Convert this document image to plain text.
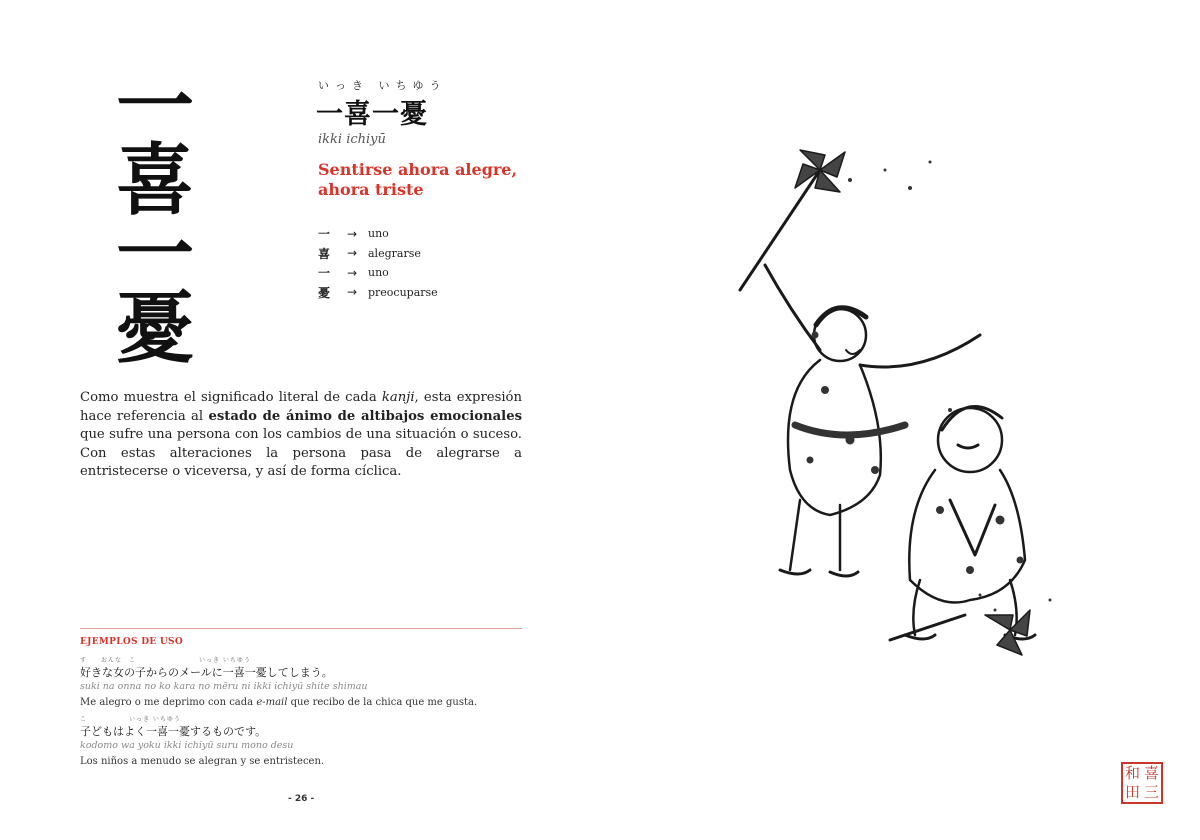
一
喜
一
憂
いっき いちゆう
一喜一憂
ikki ichiyū
Sentirse ahora alegre,
ahora triste
一	→ uno
喜	→ alegrarse
一	→ uno
憂	→ preocuparse

Como muestra el significado literal de cada kanji, esta expresión hace referencia al estado de ánimo de altibajos emocionales que sufre una persona con los cambios de una situación o suceso. Con estas alteraciones la persona pasa de alegrarse a entristecerse o viceversa, y así de forma cíclica.

EJEMPLOS DE USO
す　　おんな　こ　　　　　　　　　いっき いちゆう
好きな女の子からのメールに一喜一憂してしまう。
suki na onna no ko kara no mēru ni ikki ichiyū shite shimau
Me alegro o me deprimo con cada e-mail que recibo de la chica que me gusta.
こ　　　　　　いっき いちゆう
子どもはよく一喜一憂するものです。
kodomo wa yoku ikki ichiyū suru mono desu
Los niños a menudo se alegran y se entristecen.
- 26 -
和 喜
田 三
